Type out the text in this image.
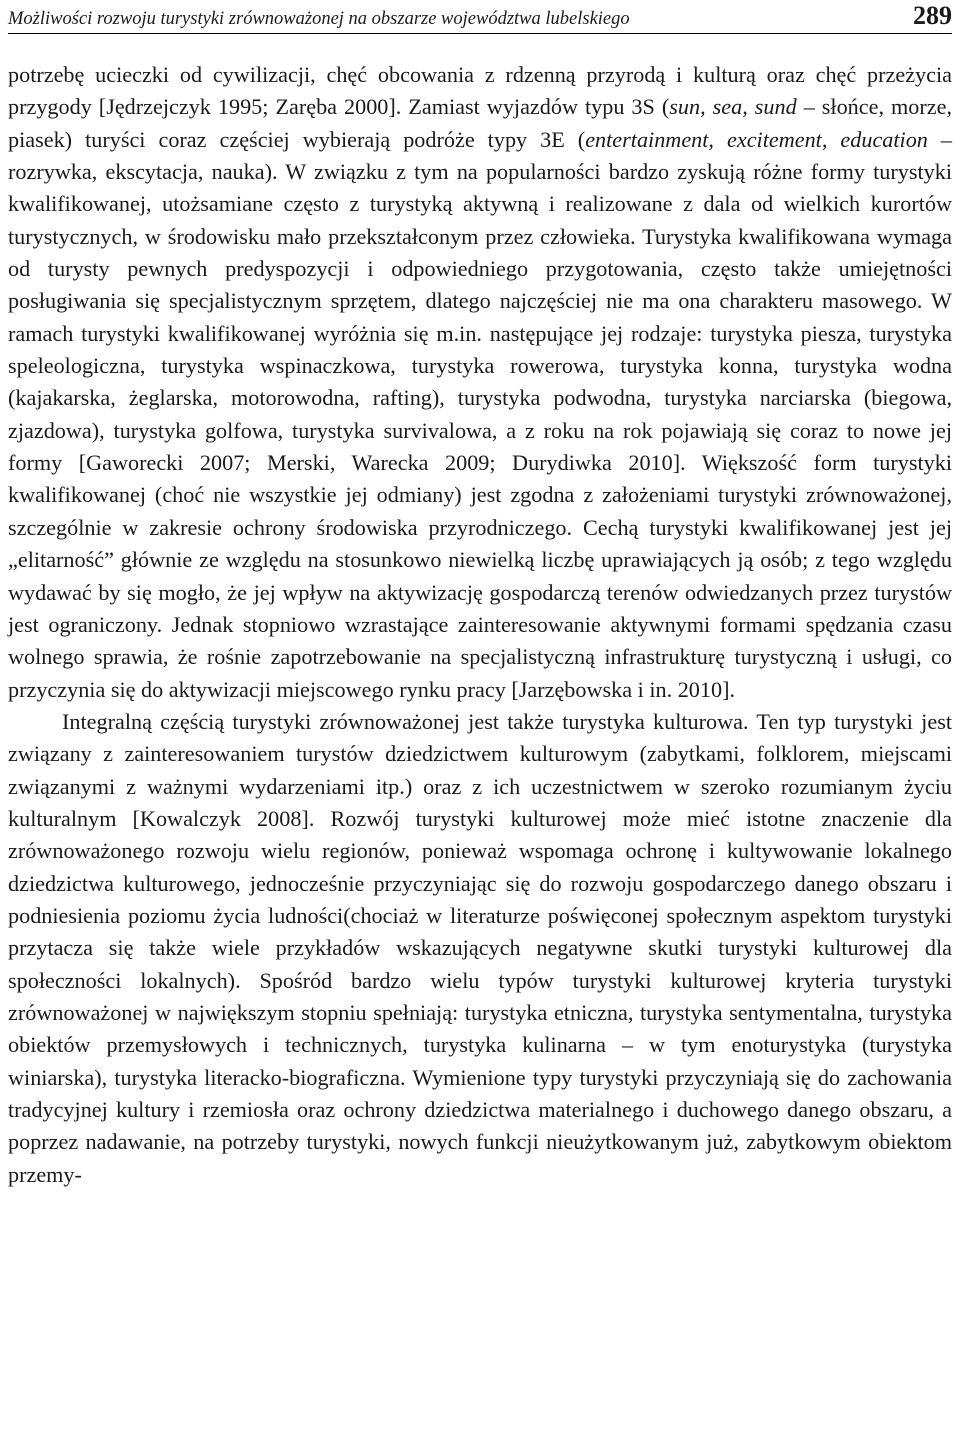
Możliwości rozwoju turystyki zrównoważonej na obszarze województwa lubelskiego	289

potrzebę ucieczki od cywilizacji, chęć obcowania z rdzenną przyrodą i kulturą oraz chęć przeżycia przygody [Jędrzejczyk 1995; Zaręba 2000]. Zamiast wyjazdów typu 3S (sun, sea, sund – słońce, morze, piasek) turyści coraz częściej wybierają podróże typy 3E (entertainment, excitement, education – rozrywka, ekscytacja, nauka). W związku z tym na popularności bardzo zyskują różne formy turystyki kwalifikowanej, utożsamiane często z turystyką aktywną i realizowane z dala od wielkich kurortów turystycznych, w środowisku mało przekształconym przez człowieka. Turystyka kwalifikowana wymaga od turysty pewnych predyspozycji i odpowiedniego przygotowania, często także umiejętności posługiwania się specjalistycznym sprzętem, dlatego najczęściej nie ma ona charakteru masowego. W ramach turystyki kwalifikowanej wyróżnia się m.in. następujące jej rodzaje: turystyka piesza, turystyka speleologiczna, turystyka wspinaczkowa, turystyka rowerowa, turystyka konna, turystyka wodna (kajakarska, żeglarska, motorowodna, rafting), turystyka podwodna, turystyka narciarska (biegowa, zjazdowa), turystyka golfowa, turystyka survivalowa, a z roku na rok pojawiają się coraz to nowe jej formy [Gaworecki 2007; Merski, Warecka 2009; Durydiwka 2010]. Większość form turystyki kwalifikowanej (choć nie wszystkie jej odmiany) jest zgodna z założeniami turystyki zrównoważonej, szczególnie w zakresie ochrony środowiska przyrodniczego. Cechą turystyki kwalifikowanej jest jej „elitarność” głównie ze względu na stosunkowo niewielką liczbę uprawiających ją osób; z tego względu wydawać by się mogło, że jej wpływ na aktywizację gospodarczą terenów odwiedzanych przez turystów jest ograniczony. Jednak stopniowo wzrastające zainteresowanie aktywnymi formami spędzania czasu wolnego sprawia, że rośnie zapotrzebowanie na specjalistyczną infrastrukturę turystyczną i usługi, co przyczynia się do aktywizacji miejscowego rynku pracy [Jarzębowska i in. 2010].

Integralną częścią turystyki zrównoważonej jest także turystyka kulturowa. Ten typ turystyki jest związany z zainteresowaniem turystów dziedzictwem kulturowym (zabytkami, folklorem, miejscami związanymi z ważnymi wydarzeniami itp.) oraz z ich uczestnictwem w szeroko rozumianym życiu kulturalnym [Kowalczyk 2008]. Rozwój turystyki kulturowej może mieć istotne znaczenie dla zrównoważonego rozwoju wielu regionów, ponieważ wspomaga ochronę i kultywowanie lokalnego dziedzictwa kulturowego, jednocześnie przyczyniając się do rozwoju gospodarczego danego obszaru i podniesienia poziomu życia ludności(chociaż w literaturze poświęconej społecznym aspektom turystyki przytacza się także wiele przykładów wskazujących negatywne skutki turystyki kulturowej dla społeczności lokalnych). Spośród bardzo wielu typów turystyki kulturowej kryteria turystyki zrównoważonej w największym stopniu spełniają: turystyka etniczna, turystyka sentymentalna, turystyka obiektów przemysłowych i technicznych, turystyka kulinarna – w tym enoturystyka (turystyka winiarska), turystyka literacko-biograficzna. Wymienione typy turystyki przyczyniają się do zachowania tradycyjnej kultury i rzemiosła oraz ochrony dziedzictwa materialnego i duchowego danego obszaru, a poprzez nadawanie, na potrzeby turystyki, nowych funkcji nieużytkowanym już, zabytkowym obiektom przemy-
